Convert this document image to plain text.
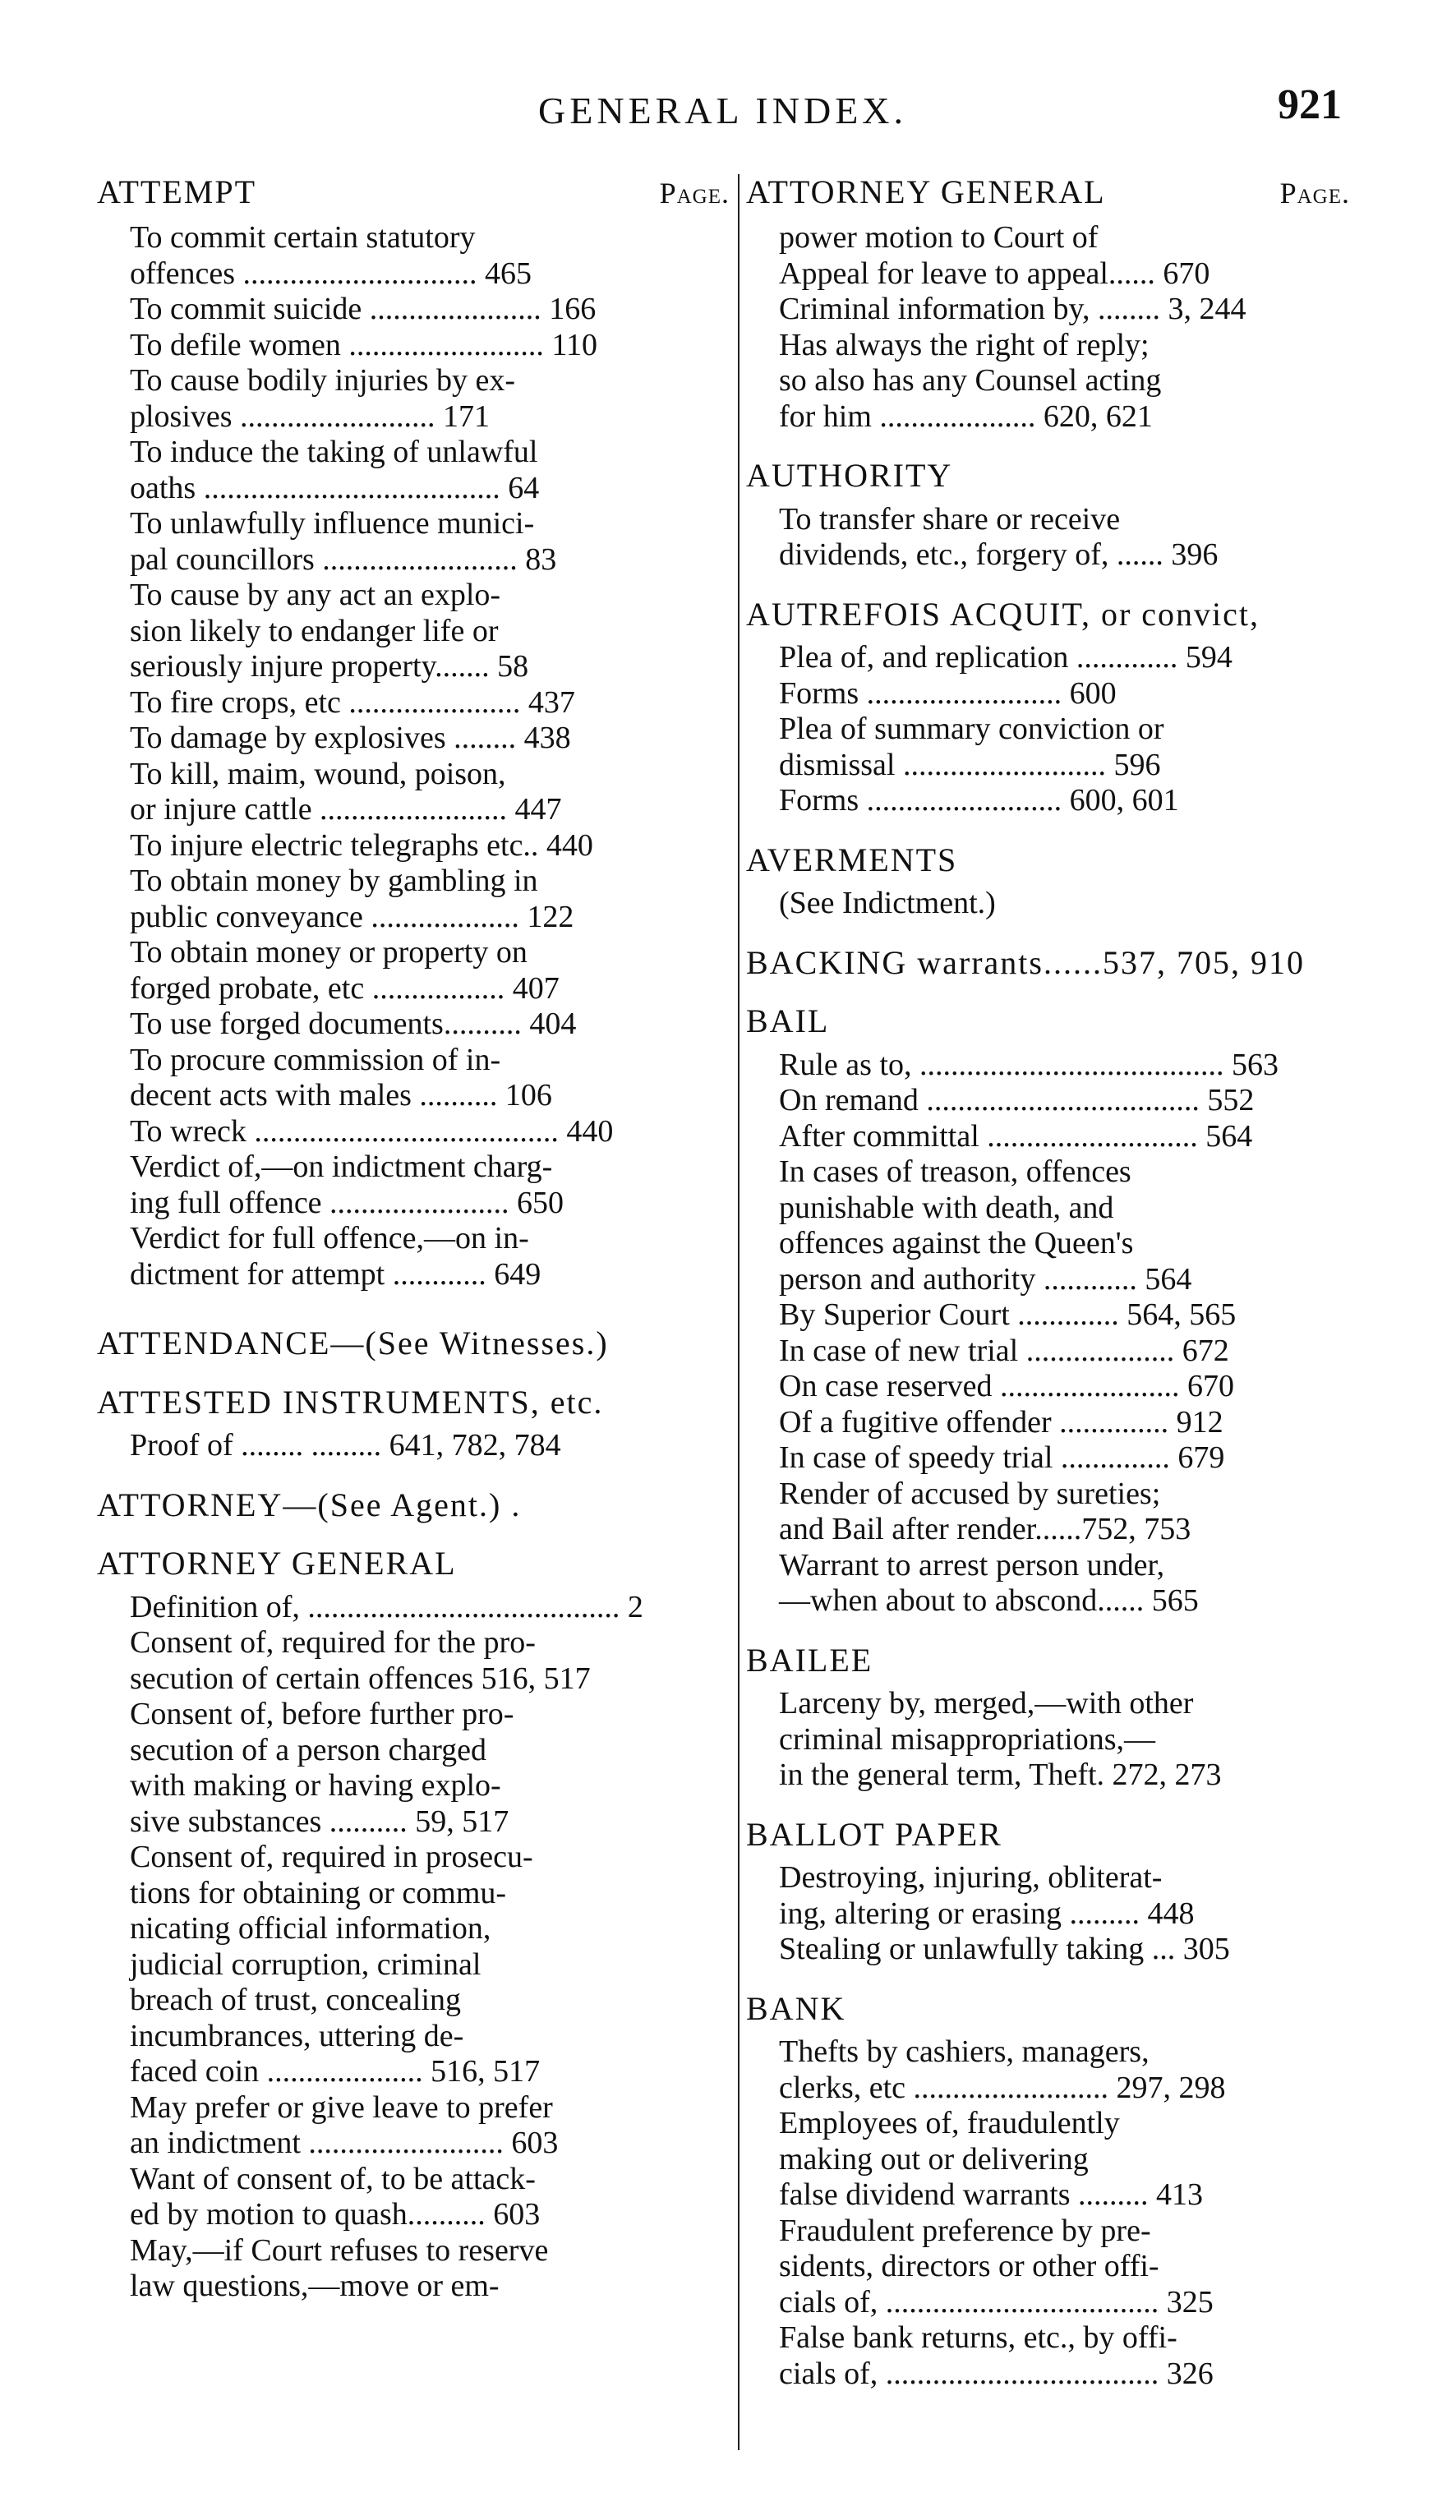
GENERAL INDEX.	921
ATTEMPT	Page.
To commit certain statutory
offences .............................. 465
To commit suicide ...................... 166
To defile women ......................... 110
To cause bodily injuries by ex-
plosives ......................... 171
To induce the taking of unlawful
oaths ...................................... 64
To unlawfully influence munici-
pal councillors ......................... 83
To cause by any act an explo-
sion likely to endanger life or
seriously injure property....... 58
To fire crops, etc ...................... 437
To damage by explosives ........ 438
To kill, maim, wound, poison,
or injure cattle ........................ 447
To injure electric telegraphs etc.. 440
To obtain money by gambling in
public conveyance ................... 122
To obtain money or property on
forged probate, etc ................. 407
To use forged documents.......... 404
To procure commission of in-
decent acts with males .......... 106
To wreck ....................................... 440
Verdict of,—on indictment charg-
ing full offence ....................... 650
Verdict for full offence,—on in-
dictment for attempt ............ 649
ATTENDANCE—(See Witnesses.)
ATTESTED INSTRUMENTS, etc.
Proof of ........ ......... 641, 782, 784
ATTORNEY—(See Agent.) .
ATTORNEY GENERAL
Definition of, ........................................ 2
Consent of, required for the pro-
secution of certain offences 516, 517
Consent of, before further pro-
secution of a person charged
with making or having explo-
sive substances .......... 59, 517
Consent of, required in prosecu-
tions for obtaining or commu-
nicating official information,
judicial corruption, criminal
breach of trust, concealing
incumbrances, uttering de-
faced coin .................... 516, 517
May prefer or give leave to prefer
an indictment ......................... 603
Want of consent of, to be attack-
ed by motion to quash.......... 603
May,—if Court refuses to reserve
law questions,—move or em-
ATTORNEY GENERAL	Page.
power motion to Court of
Appeal for leave to appeal...... 670
Criminal information by, ........ 3, 244
Has always the right of reply;
so also has any Counsel acting
for him .................... 620, 621
AUTHORITY
To transfer share or receive
dividends, etc., forgery of, ...... 396
AUTREFOIS ACQUIT, or convict,
Plea of, and replication ............. 594
Forms ......................... 600
Plea of summary conviction or
dismissal .......................... 596
Forms ......................... 600, 601
AVERMENTS
(See Indictment.)
BACKING warrants......537, 705, 910
BAIL
Rule as to, ....................................... 563
On remand ................................... 552
After committal ........................... 564
In cases of treason, offences
punishable with death, and
offences against the Queen's
person and authority ............ 564
By Superior Court ............. 564, 565
In case of new trial ................... 672
On case reserved ....................... 670
Of a fugitive offender .............. 912
In case of speedy trial .............. 679
Render of accused by sureties;
and Bail after render......752, 753
Warrant to arrest person under,
—when about to abscond...... 565
BAILEE
Larceny by, merged,—with other
criminal misappropriations,—
in the general term, Theft. 272, 273
BALLOT PAPER
Destroying, injuring, obliterat-
ing, altering or erasing ......... 448
Stealing or unlawfully taking ... 305
BANK
Thefts by cashiers, managers,
clerks, etc ......................... 297, 298
Employees of, fraudulently
making out or delivering
false dividend warrants ......... 413
Fraudulent preference by pre-
sidents, directors or other offi-
cials of, ................................... 325
False bank returns, etc., by offi-
cials of, ................................... 326
